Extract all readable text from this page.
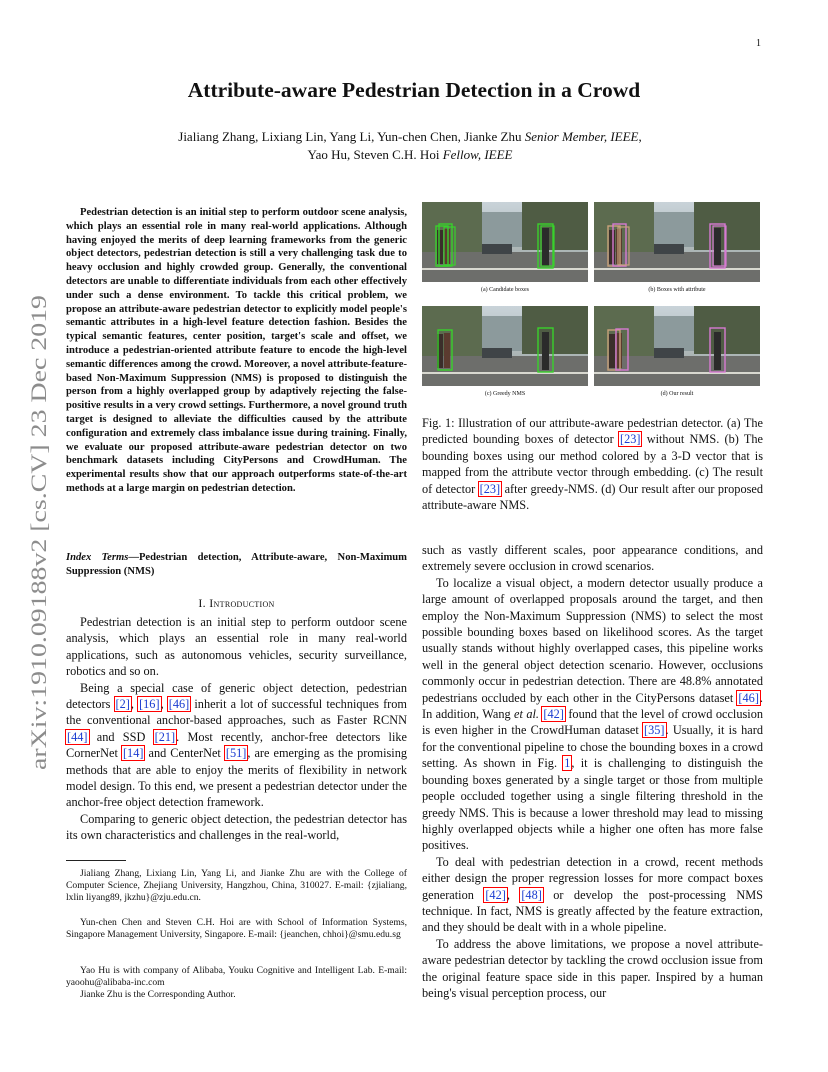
1
arXiv:1910.09188v2 [cs.CV] 23 Dec 2019
Attribute-aware Pedestrian Detection in a Crowd
Jialiang Zhang, Lixiang Lin, Yang Li, Yun-chen Chen, Jianke Zhu Senior Member, IEEE,
Yao Hu, Steven C.H. Hoi Fellow, IEEE
Pedestrian detection is an initial step to perform outdoor scene analysis, which plays an essential role in many real-world applications. Although having enjoyed the merits of deep learning frameworks from the generic object detectors, pedestrian detection is still a very challenging task due to heavy occlusion and highly crowded group. Generally, the conventional detectors are unable to differentiate individuals from each other effectively under such a dense environment. To tackle this critical problem, we propose an attribute-aware pedestrian detector to explicitly model people's semantic attributes in a high-level feature detection fashion. Besides the typical semantic features, center position, target's scale and offset, we introduce a pedestrian-oriented attribute feature to encode the high-level semantic differences among the crowd. Moreover, a novel attribute-feature-based Non-Maximum Suppression (NMS) is proposed to distinguish the person from a highly overlapped group by adaptively rejecting the false-positive results in a very crowd settings. Furthermore, a novel ground truth target is designed to alleviate the difficulties caused by the attribute configuration and extremely class imbalance issue during training. Finally, we evaluate our proposed attribute-aware pedestrian detector on two benchmark datasets including CityPersons and CrowdHuman. The experimental results show that our approach outperforms state-of-the-art methods at a large margin on pedestrian detection.
Index Terms—Pedestrian detection, Attribute-aware, Non-Maximum Suppression (NMS)
I. Introduction

Pedestrian detection is an initial step to perform outdoor scene analysis, which plays an essential role in many real-world applications, such as autonomous vehicles, security surveillance, robotics and so on.

Being a special case of generic object detection, pedestrian detectors [2], [16], [46] inherit a lot of successful techniques from the conventional anchor-based approaches, such as Faster RCNN [44] and SSD [21]. Most recently, anchor-free detectors like CornerNet [14] and CenterNet [51], are emerging as the promising methods that are able to enjoy the merits of flexibility in network model design. To this end, we present a pedestrian detector under the anchor-free object detection framework.

Comparing to generic object detection, the pedestrian detector has its own characteristics and challenges in the real-world,

Jialiang Zhang, Lixiang Lin, Yang Li, and Jianke Zhu are with the College of Computer Science, Zhejiang University, Hangzhou, China, 310027. E-mail: {zjialiang, lxlin liyang89, jkzhu}@zju.edu.cn.
Yun-chen Chen and Steven C.H. Hoi are with School of Information Systems, Singapore Management University, Singapore. E-mail: {jeanchen, chhoi}@smu.edu.sg
Yao Hu is with company of Alibaba, Youku Cognitive and Intelligent Lab. E-mail: yaoohu@alibaba-inc.com
Jianke Zhu is the Corresponding Author.
(a) Candidate boxes	(b) Boxes with attribute
(c) Greedy NMS	(d) Our result
Fig. 1: Illustration of our attribute-aware pedestrian detector. (a) The predicted bounding boxes of detector [23] without NMS. (b) The bounding boxes using our method colored by a 3-D vector that is mapped from the attribute vector through embedding. (c) The result of detector [23] after greedy-NMS. (d) Our result after our proposed attribute-aware NMS.

such as vastly different scales, poor appearance conditions, and extremely severe occlusion in crowd scenarios.

To localize a visual object, a modern detector usually produce a large amount of overlapped proposals around the target, and then employ the Non-Maximum Suppression (NMS) to select the most possible bounding boxes based on likelihood scores. As the target usually stands without highly overlapped cases, this pipeline works well in the general object detection scenario. However, occlusions commonly occur in pedestrian detection. There are 48.8% annotated pedestrians occluded by each other in the CityPersons dataset [46]. In addition, Wang et al. [42] found that the level of crowd occlusion is even higher in the CrowdHuman dataset [35]. Usually, it is hard for the conventional pipeline to chose the bounding boxes in a crowd setting. As shown in Fig. 1, it is challenging to distinguish the bounding boxes generated by a single target or those from multiple people occluded together using a single filtering threshold in the greedy NMS. This is because a lower threshold may lead to missing highly overlapped objects while a higher one often has more false positives.

To deal with pedestrian detection in a crowd, recent methods either design the proper regression losses for more compact boxes generation [42], [48] or develop the post-processing NMS technique. In fact, NMS is greatly affected by the feature extraction, and they should be dealt with in a whole pipeline.

To address the above limitations, we propose a novel attribute-aware pedestrian detector by tackling the crowd occlusion issue from the original feature space side in this paper. Inspired by a human being's visual perception process, our
